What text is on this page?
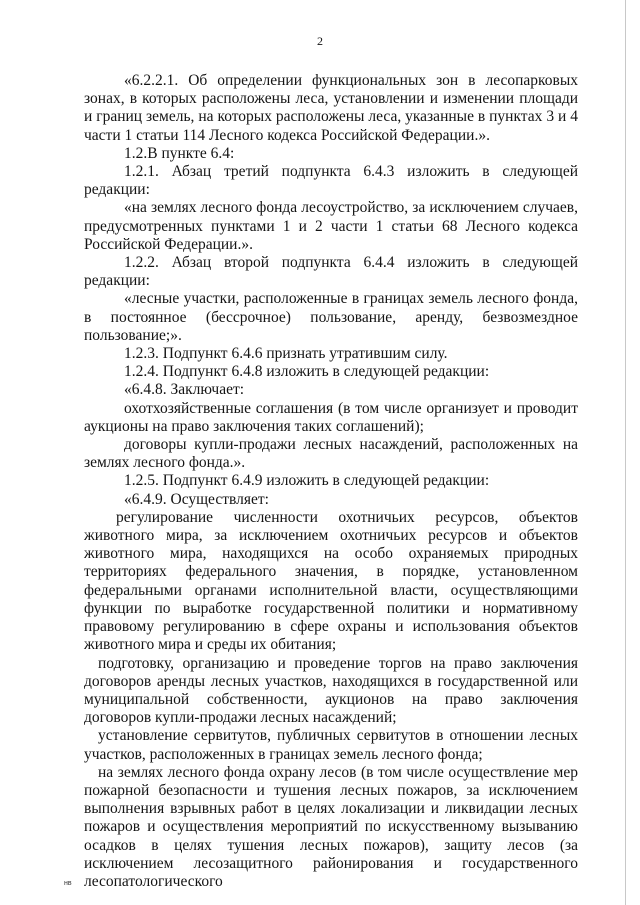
2

«6.2.2.1. Об определении функциональных зон в лесопарковых зонах, в которых расположены леса, установлении и изменении площади и границ земель, на которых расположены леса, указанные в пунктах 3 и 4 части 1 статьи 114 Лесного кодекса Российской Федерации.».

1.2.В пункте 6.4:

1.2.1. Абзац третий подпункта 6.4.3 изложить в следующей редакции:

«на землях лесного фонда лесоустройство, за исключением случаев, предусмотренных пунктами 1 и 2 части 1 статьи 68 Лесного кодекса Российской Федерации.».

1.2.2. Абзац второй подпункта 6.4.4 изложить в следующей редакции:

«лесные участки, расположенные в границах земель лесного фонда, в постоянное (бессрочное) пользование, аренду, безвозмездное пользование;».

1.2.3. Подпункт 6.4.6 признать утратившим силу.

1.2.4. Подпункт 6.4.8 изложить в следующей редакции:

«6.4.8. Заключает:

охотхозяйственные соглашения (в том числе организует и проводит аукционы на право заключения таких соглашений);

договоры купли-продажи лесных насаждений, расположенных на землях лесного фонда.».

1.2.5. Подпункт 6.4.9 изложить в следующей редакции:

«6.4.9. Осуществляет:

регулирование численности охотничьих ресурсов, объектов животного мира, за исключением охотничьих ресурсов и объектов животного мира, находящихся на особо охраняемых природных территориях федерального значения, в порядке, установленном федеральными органами исполнительной власти, осуществляющими функции по выработке государственной политики и нормативному правовому регулированию в сфере охраны и использования объектов животного мира и среды их обитания;

подготовку, организацию и проведение торгов на право заключения договоров аренды лесных участков, находящихся в государственной или муниципальной собственности, аукционов на право заключения договоров купли-продажи лесных насаждений;

установление сервитутов, публичных сервитутов в отношении лесных участков, расположенных в границах земель лесного фонда;

на землях лесного фонда охрану лесов (в том числе осуществление мер пожарной безопасности и тушения лесных пожаров, за исключением выполнения взрывных работ в целях локализации и ликвидации лесных пожаров и осуществления мероприятий по искусственному вызыванию осадков в целях тушения лесных пожаров), защиту лесов (за исключением лесозащитного районирования и государственного лесопатологического

нв
